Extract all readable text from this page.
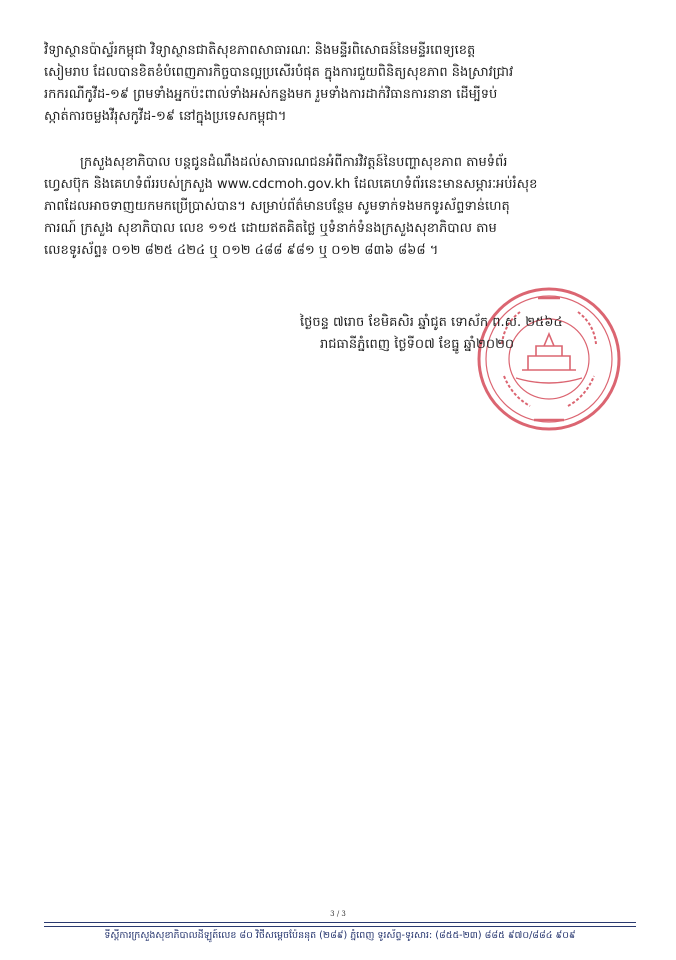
វិទ្យាស្ថានប៉ាស្ទ័រកម្ពុជា វិទ្យាស្ថានជាតិសុខភាពសាធារណៈ និងមន្ទីរពិសោធន៍នៃមន្ទីរពេទ្យខេត្ត
សៀមរាប ដែលបានខិតខំបំពេញភារកិច្ចបានល្អប្រសើរបំផុត ក្នុងការជួយពិនិត្យសុខភាព និងស្រាវជ្រាវ
រកករណីកូវីដ-១៩ ព្រមទាំងអ្នកប៉ះពាល់ទាំងអស់កន្លងមក រួមទាំងការដាក់វិធានការនានា ដើម្បីទប់
ស្កាត់ការចម្លងវីរុសកូវីដ-១៩ នៅក្នុងប្រទេសកម្ពុជា។

ក្រសួងសុខាភិបាល បន្តជូនដំណឹងដល់សាធារណជនអំពីការវិវត្តន៍នៃបញ្ហាសុខភាព តាមទំព័រ
ហ្វេសប៊ុក និងគេហទំព័ររបស់ក្រសួង www.cdcmoh.gov.kh ដែលគេហទំព័រនេះមានសម្ភារៈអប់រំសុខ
ភាពដែលអាចទាញយកមកប្រើប្រាស់បាន។ សម្រាប់ព័ត៌មានបន្ថែម សូមទាក់ទងមកទូរស័ព្ទទាន់ហេតុ
ការណ៍ ក្រសួង សុខាភិបាល លេខ ១១៥ ដោយឥតគិតថ្លៃ ឬទំនាក់ទំនងក្រសួងសុខាភិបាល តាម
លេខទូរស័ព្ទ៖ ០១២ ៨២៥ ៤២៤ ឬ ០១២ ៤៨៨ ៩៨១ ឬ ០១២ ៨៣៦ ៨៦៨ ។

ថ្ងៃចន្ទ ៧រោច ខែមិគសិរ ឆ្នាំជូត ទោស័ក ព.ស. ២៥៦៤
រាជធានីភ្នំពេញ ថ្ងៃទី០៧ ខែធ្នូ ឆ្នាំ២០២០
3 / 3
ទីស្តីការក្រសួងសុខាភិបាលដីឡូត៍លេខ ៨០ វិថីសម្តេចប៉ែននុត (២៨៩) ភ្នំពេញ ទូរស័ព្ទ-ទូរសារ: (៨៥៥-២៣) ៨៨៥ ៩៧០/៨៨៤ ៩០៩
